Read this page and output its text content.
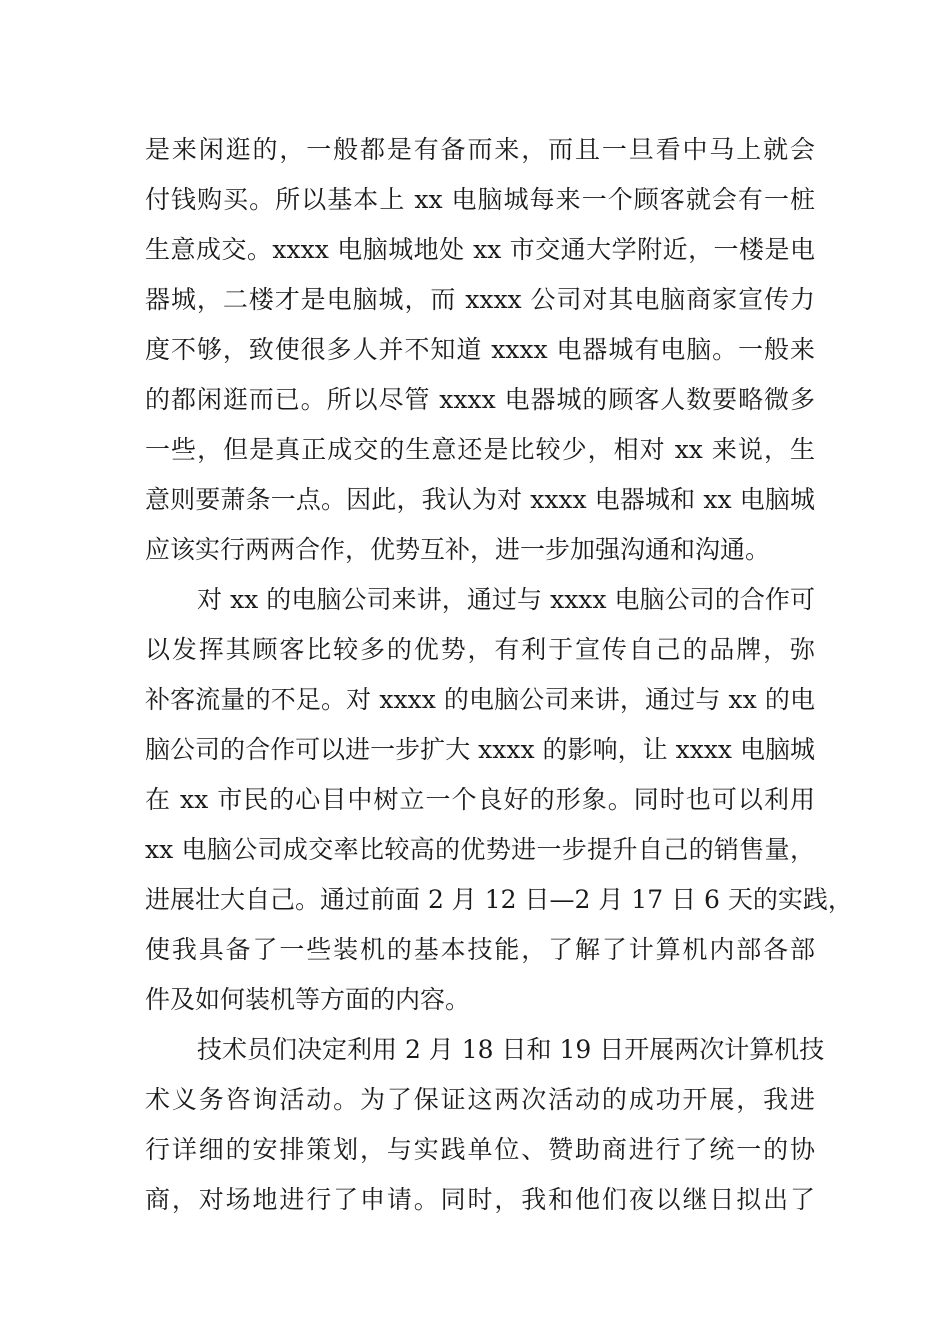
是来闲逛的，一般都是有备而来，而且一旦看中马上就会
付钱购买。所以基本上 xx 电脑城每来一个顾客就会有一桩
生意成交。xxxx 电脑城地处 xx 市交通大学附近，一楼是电
器城，二楼才是电脑城，而 xxxx 公司对其电脑商家宣传力
度不够，致使很多人并不知道 xxxx 电器城有电脑。一般来
的都闲逛而已。所以尽管 xxxx 电器城的顾客人数要略微多
一些，但是真正成交的生意还是比较少，相对 xx 来说，生
意则要萧条一点。因此，我认为对 xxxx 电器城和 xx 电脑城
应该实行两两合作，优势互补，进一步加强沟通和沟通。
对 xx 的电脑公司来讲，通过与 xxxx 电脑公司的合作可
以发挥其顾客比较多的优势，有利于宣传自己的品牌，弥
补客流量的不足。对 xxxx 的电脑公司来讲，通过与 xx 的电
脑公司的合作可以进一步扩大 xxxx 的影响，让 xxxx 电脑城
在 xx 市民的心目中树立一个良好的形象。同时也可以利用
xx 电脑公司成交率比较高的优势进一步提升自己的销售量，
进展壮大自己。通过前面 2 月 12 日—2 月 17 日 6 天的实践，
使我具备了一些装机的基本技能，了解了计算机内部各部
件及如何装机等方面的内容。
技术员们决定利用 2 月 18 日和 19 日开展两次计算机技
术义务咨询活动。为了保证这两次活动的成功开展，我进
行详细的安排策划，与实践单位、赞助商进行了统一的协
商，对场地进行了申请。同时，我和他们夜以继日拟出了
